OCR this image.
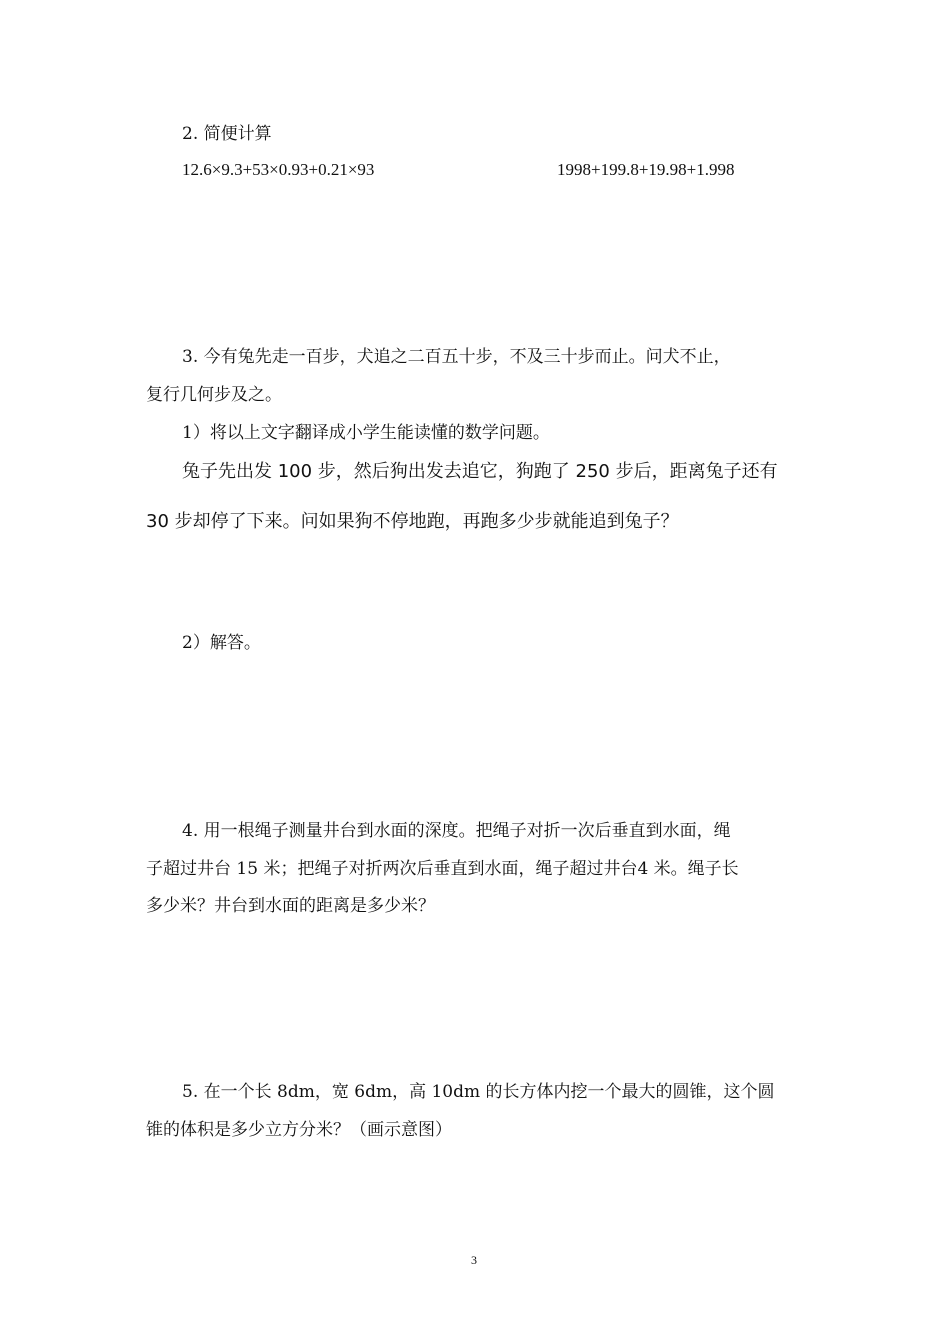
2. 简便计算
12.6×9.3+53×0.93+0.21×93	1998+199.8+19.98+1.998
3. 今有兔先走一百步，犬追之二百五十步，不及三十步而止。问犬不止，
复行几何步及之。
1）将以上文字翻译成小学生能读懂的数学问题。
兔子先出发 100 步，然后狗出发去追它，狗跑了 250 步后，距离兔子还有
30 步却停了下来。问如果狗不停地跑，再跑多少步就能追到兔子？
2）解答。
4. 用一根绳子测量井台到水面的深度。把绳子对折一次后垂直到水面，绳
子超过井台 15 米；把绳子对折两次后垂直到水面，绳子超过井台4 米。绳子长
多少米？井台到水面的距离是多少米？
5. 在一个长 8dm，宽 6dm，高 10dm 的长方体内挖一个最大的圆锥，这个圆
锥的体积是多少立方分米？（画示意图）
3
